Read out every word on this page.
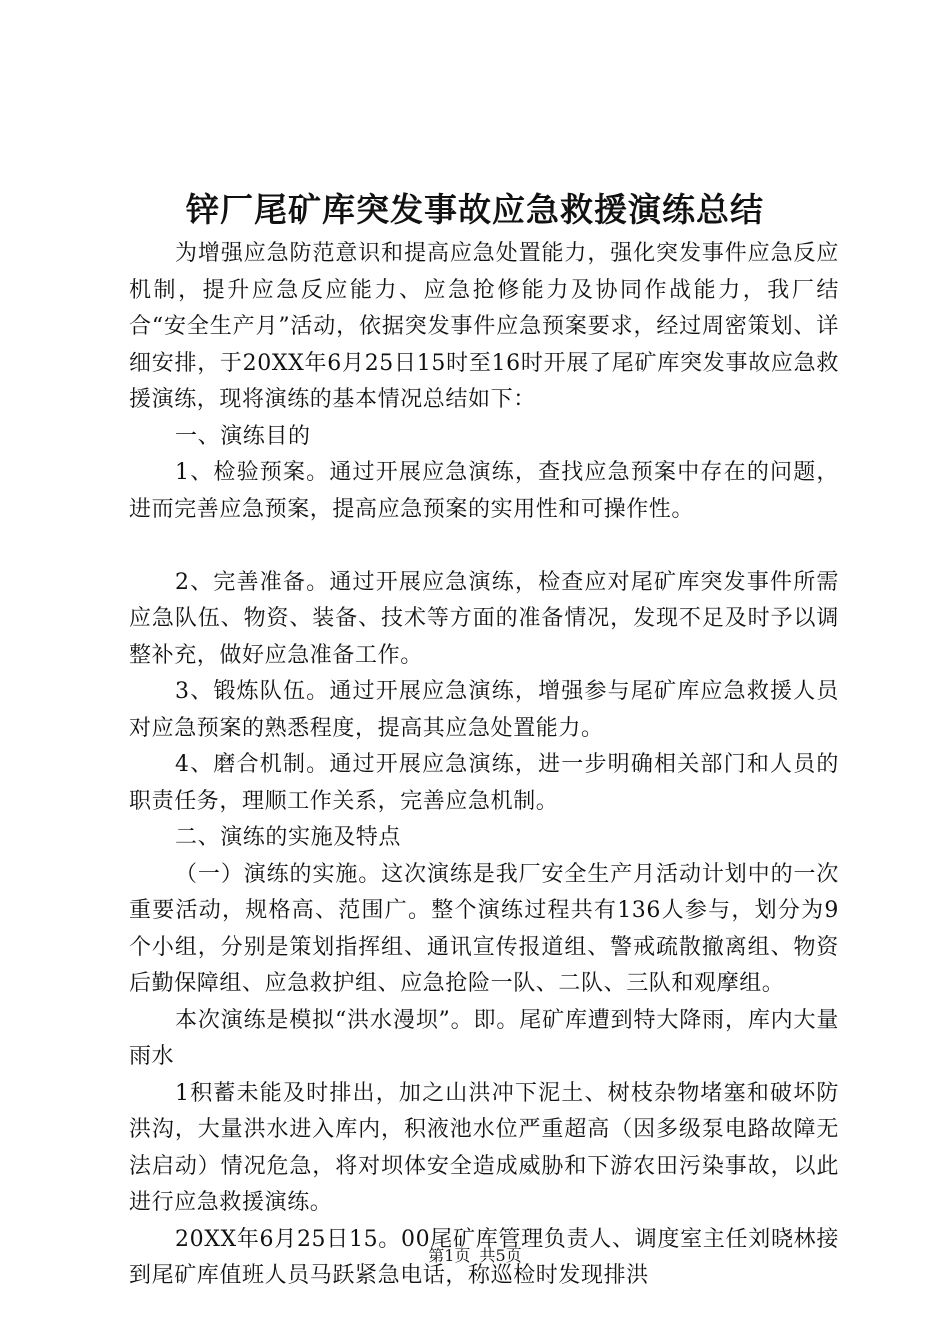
锌厂尾矿库突发事故应急救援演练总结

为增强应急防范意识和提高应急处置能力，强化突发事件应急反应机制，提升应急反应能力、应急抢修能力及协同作战能力，我厂结合“安全生产月”活动，依据突发事件应急预案要求，经过周密策划、详细安排，于20XX年6月25日15时至16时开展了尾矿库突发事故应急救援演练，现将演练的基本情况总结如下：

一、演练目的

1、检验预案。通过开展应急演练，查找应急预案中存在的问题，进而完善应急预案，提高应急预案的实用性和可操作性。

2、完善准备。通过开展应急演练，检查应对尾矿库突发事件所需应急队伍、物资、装备、技术等方面的准备情况，发现不足及时予以调整补充，做好应急准备工作。

3、锻炼队伍。通过开展应急演练，增强参与尾矿库应急救援人员对应急预案的熟悉程度，提高其应急处置能力。

4、磨合机制。通过开展应急演练，进一步明确相关部门和人员的职责任务，理顺工作关系，完善应急机制。

二、演练的实施及特点

（一）演练的实施。这次演练是我厂安全生产月活动计划中的一次重要活动，规格高、范围广。整个演练过程共有136人参与，划分为9个小组，分别是策划指挥组、通讯宣传报道组、警戒疏散撤离组、物资后勤保障组、应急救护组、应急抢险一队、二队、三队和观摩组。

本次演练是模拟“洪水漫坝”。即。尾矿库遭到特大降雨，库内大量雨水

1积蓄未能及时排出，加之山洪冲下泥土、树枝杂物堵塞和破坏防洪沟，大量洪水进入库内，积液池水位严重超高（因多级泵电路故障无法启动）情况危急，将对坝体安全造成威胁和下游农田污染事故，以此进行应急救援演练。

20XX年6月25日15。00尾矿库管理负责人、调度室主任刘晓林接到尾矿库值班人员马跃紧急电话，称巡检时发现排洪

第1页 共5页
